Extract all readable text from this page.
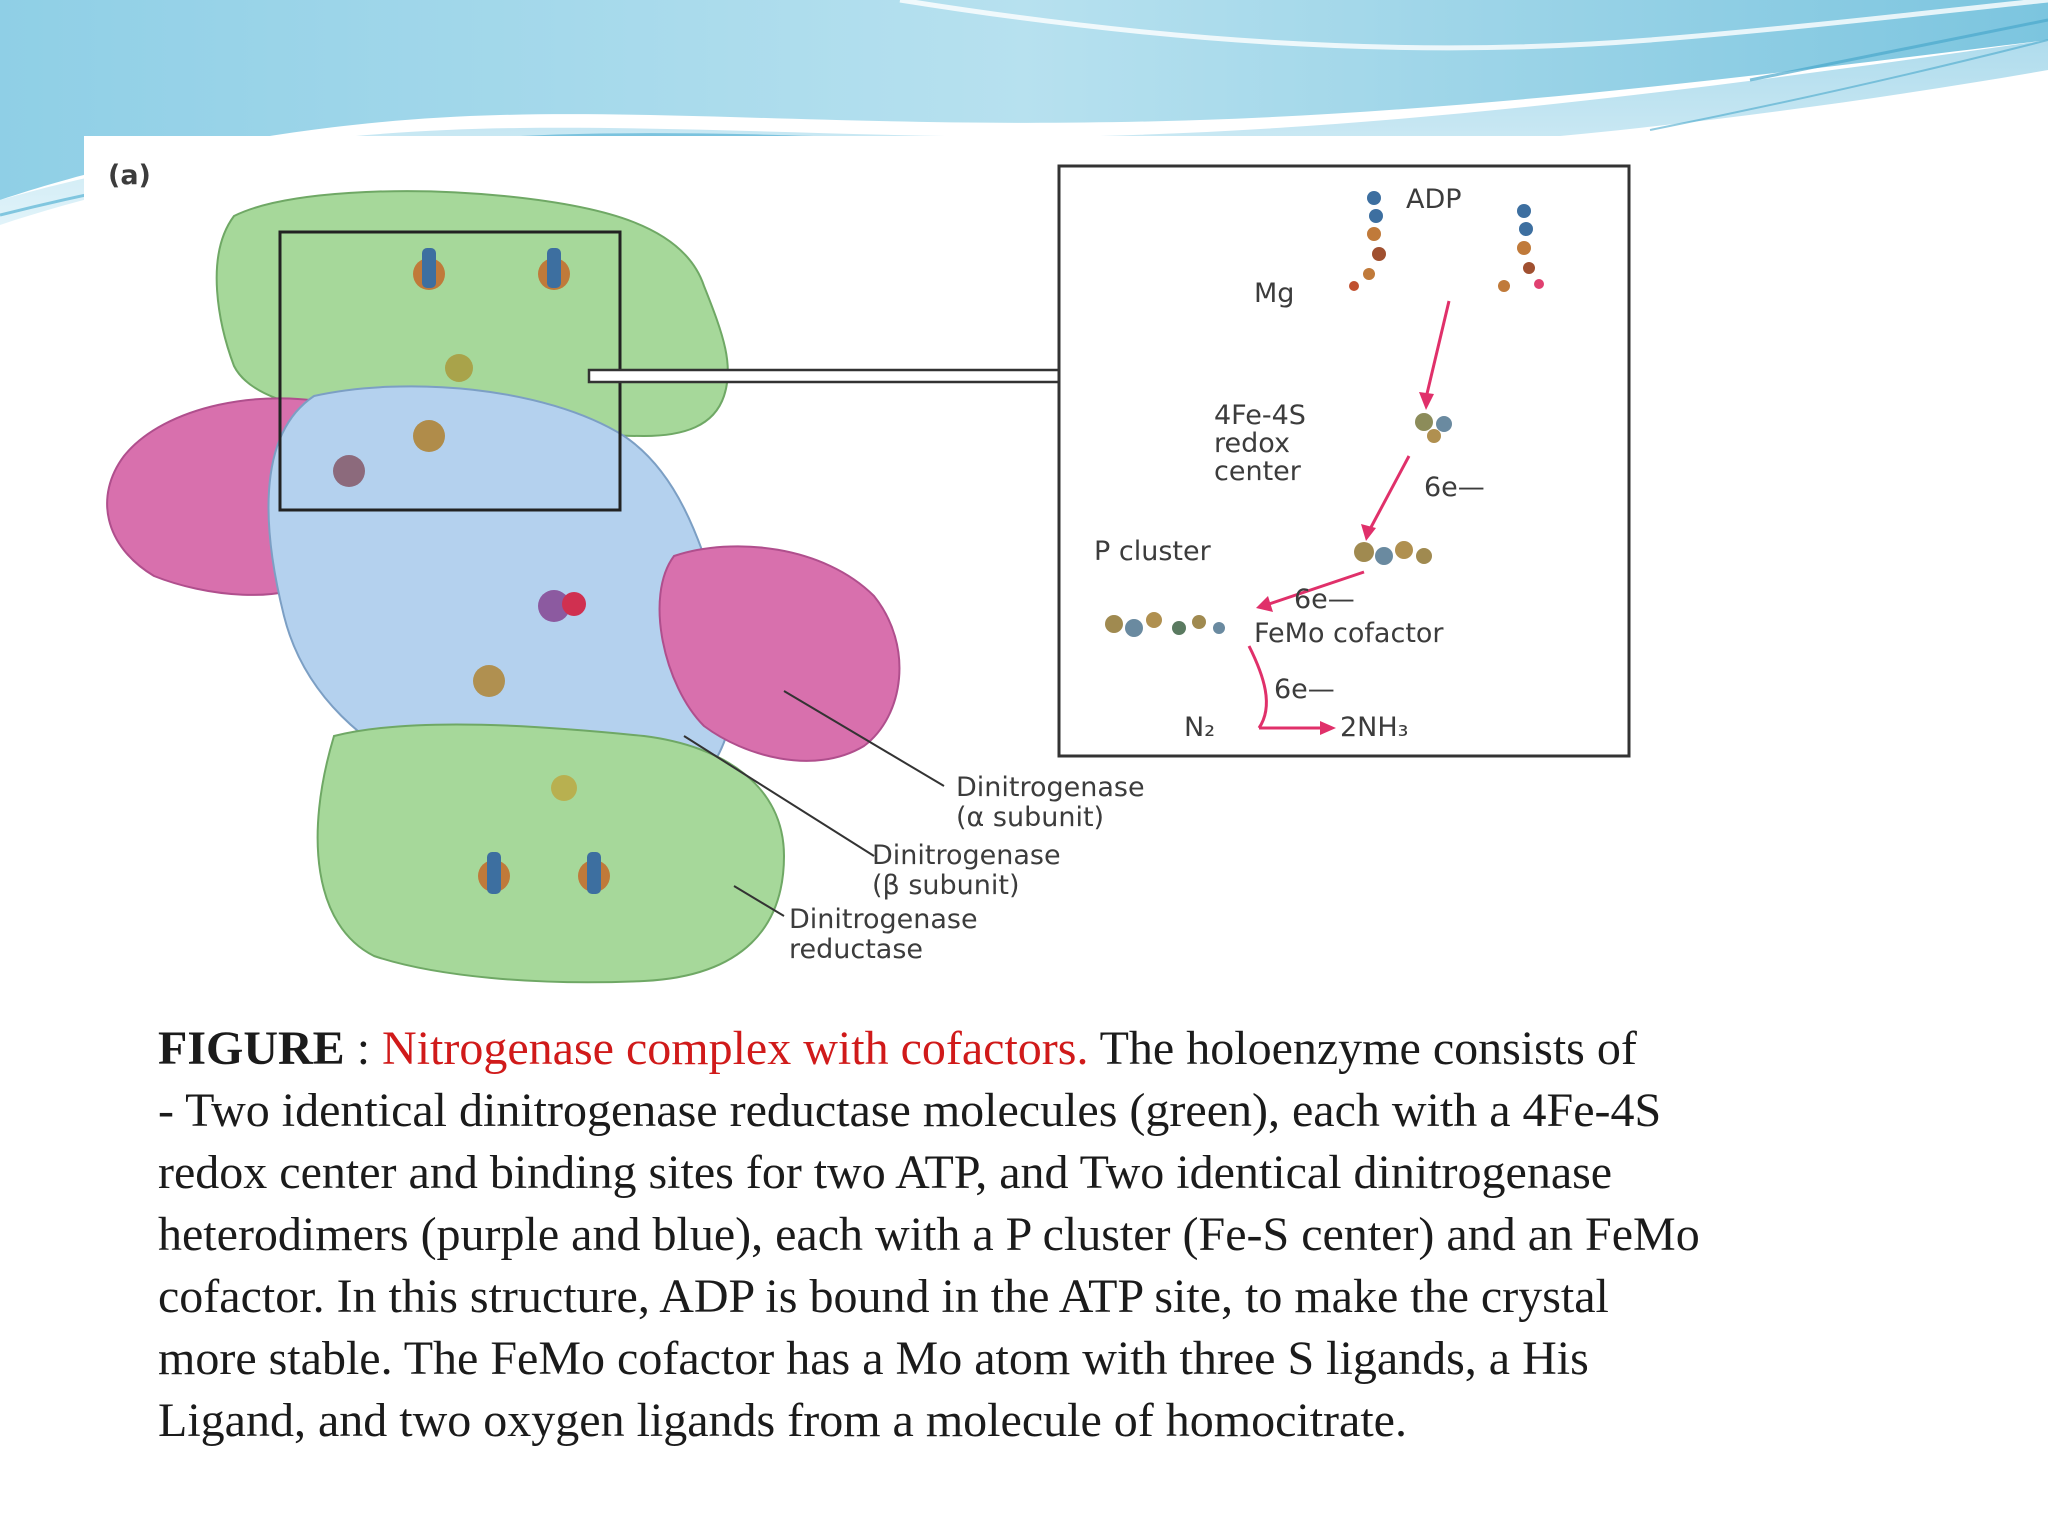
(a)
ADP
Mg
4Fe-4S
redox
center
6e—
P cluster
6e—
FeMo cofactor
6e—
N₂	2NH₃
Dinitrogenase
(α subunit)
Dinitrogenase
(β subunit)
Dinitrogenase
reductase
FIGURE : Nitrogenase complex with cofactors. The holoenzyme consists of
- Two identical dinitrogenase reductase molecules (green), each with a 4Fe-4S
redox center and binding sites for two ATP, and Two identical dinitrogenase
heterodimers (purple and blue), each with a P cluster (Fe-S center) and an FeMo
cofactor. In this structure, ADP is bound in the ATP site, to make the crystal
more stable. The FeMo cofactor has a Mo atom with three S ligands, a His
Ligand, and two oxygen ligands from a molecule of homocitrate.
